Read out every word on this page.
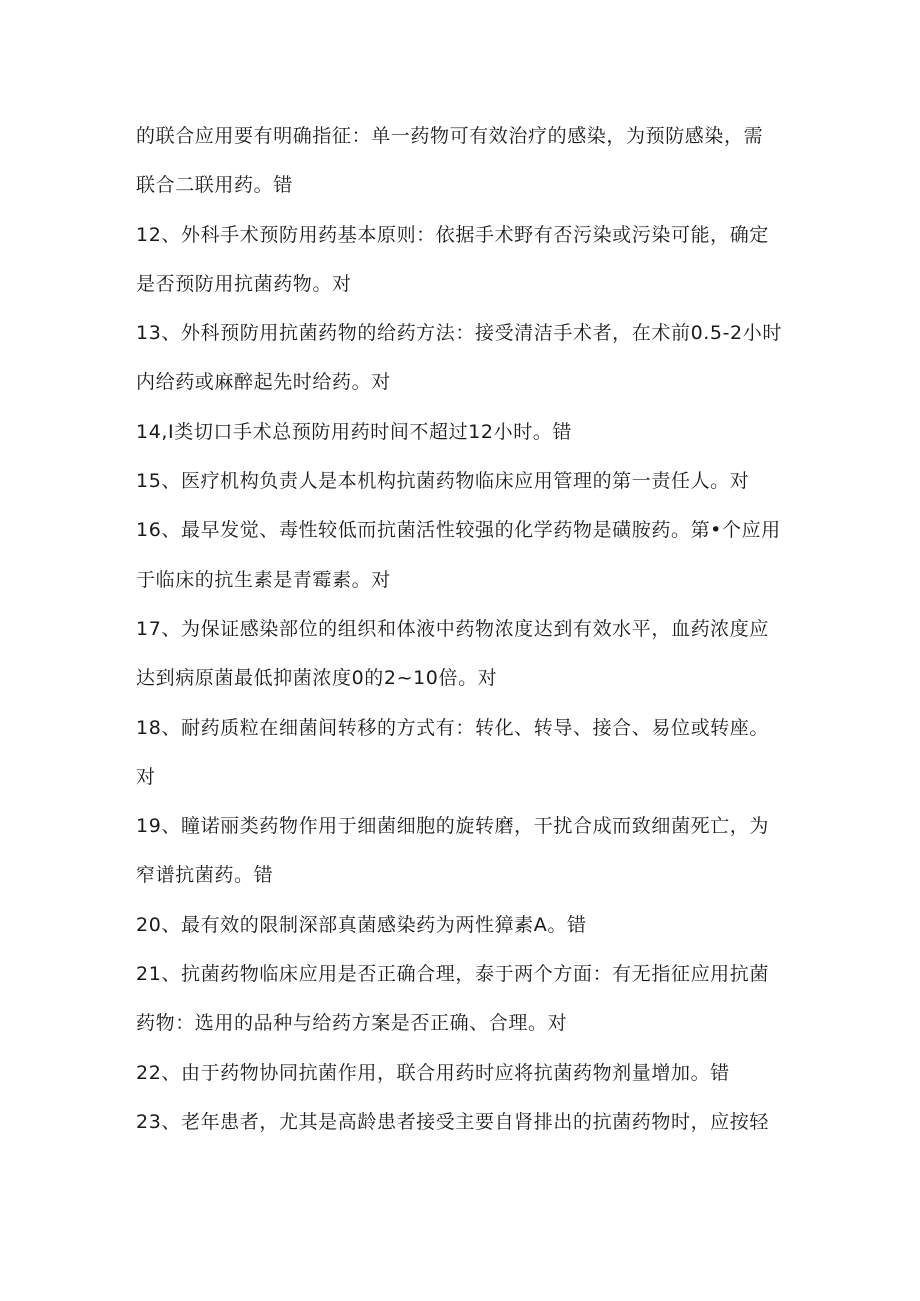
的联合应用要有明确指征：单一药物可有效治疗的感染，为预防感染，需
联合二联用药。错
12、外科手术预防用药基本原则：依据手术野有否污染或污染可能，确定
是否预防用抗菌药物。对
13、外科预防用抗菌药物的给药方法：接受清洁手术者，在术前0.5-2小时
内给药或麻醉起先时给药。对
14,I类切口手术总预防用药时间不超过12小时。错
15、医疗机构负责人是本机构抗菌药物临床应用管理的第一责任人。对
16、最早发觉、毒性较低而抗菌活性较强的化学药物是磺胺药。第•个应用
于临床的抗生素是青霉素。对
17、为保证感染部位的组织和体液中药物浓度达到有效水平，血药浓度应
达到病原菌最低抑菌浓度0的2~10倍。对
18、耐药质粒在细菌间转移的方式有：转化、转导、接合、易位或转座。
对
19、瞳诺丽类药物作用于细菌细胞的旋转磨，干扰合成而致细菌死亡，为
窄谱抗菌药。错
20、最有效的限制深部真菌感染药为两性獐素A。错
21、抗菌药物临床应用是否正确合理，泰于两个方面：有无指征应用抗菌
药物：选用的品种与给药方案是否正确、合理。对
22、由于药物协同抗菌作用，联合用药时应将抗菌药物剂量增加。错
23、老年患者，尤其是高龄患者接受主要自肾排出的抗菌药物时，应按轻
